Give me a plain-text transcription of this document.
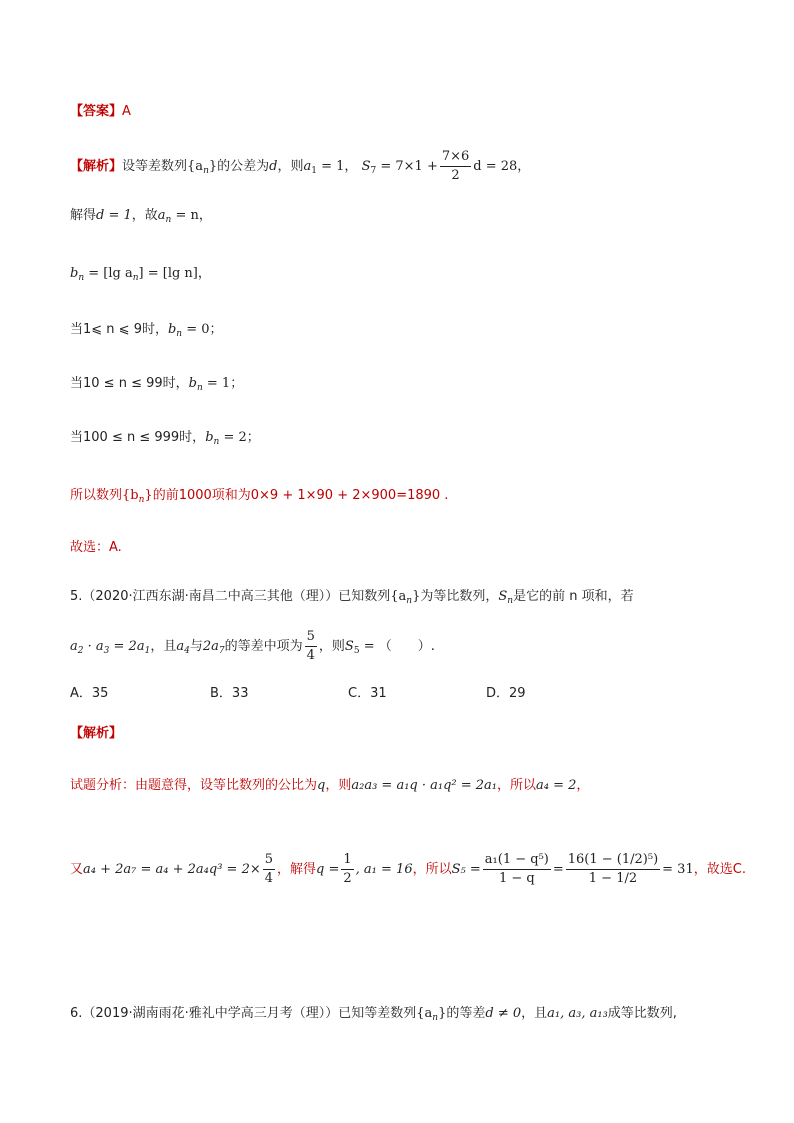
【答案】A
【解析】设等差数列$\{a_n\}$的公差为d，则$a_1 = 1$， $S_7 = 7\times 1 + \frac{7\times 6}{2}$ d = 28，
解得d = 1，故$a_n = n$，
$b_n = [\lg$ $a_n] = [\lg$ n]，
当1⩽ n ⩽ 9时，$b_n = 0$；
当10 ≤ n ≤ 99时，$b_n = 1$；
当100 ≤ n ≤ 999时，$b_n = 2$；
所以数列$\{b_n\}$的前1000项和为0×9 + 1×90 + 2×900=1890 .
故选：A.
5.（2020·江西东湖·南昌二中高三其他（理））已知数列$\{a_n\}$为等比数列，$S_n$是它的前 n 项和，若
$a_2 \cdot a_3 = 2a_1$，且$a_4$与$2a_7$的等差中项为 $\frac{5}{4}$ ，则$S_5$ = （　　）.
A．35	B．33	C．31	D．29
【解析】
试题分析：由题意得，设等比数列的公比为q，则a₂a₃ = a₁q · a₁q² = 2a₁，所以a₄ = 2，
又$a_4 + 2a_7 = a_4 + 2a_4q^3 = 2\times \frac{5}{4}$ ，解得$q = \frac{1}{2}$ , a₁ = 16，所以$S_5 = \frac{\text{a₁(1 − q⁵)}}{1 - q} = \frac{\text{16(1 − (1/2)⁵)}}{1 - 1/2} = 31$，故选C.
6.（2019·湖南雨花·雅礼中学高三月考（理））已知等差数列$\{a_n\}$的等差d ≠ 0，且a₁, a₃, a₁₃成等比数列,
